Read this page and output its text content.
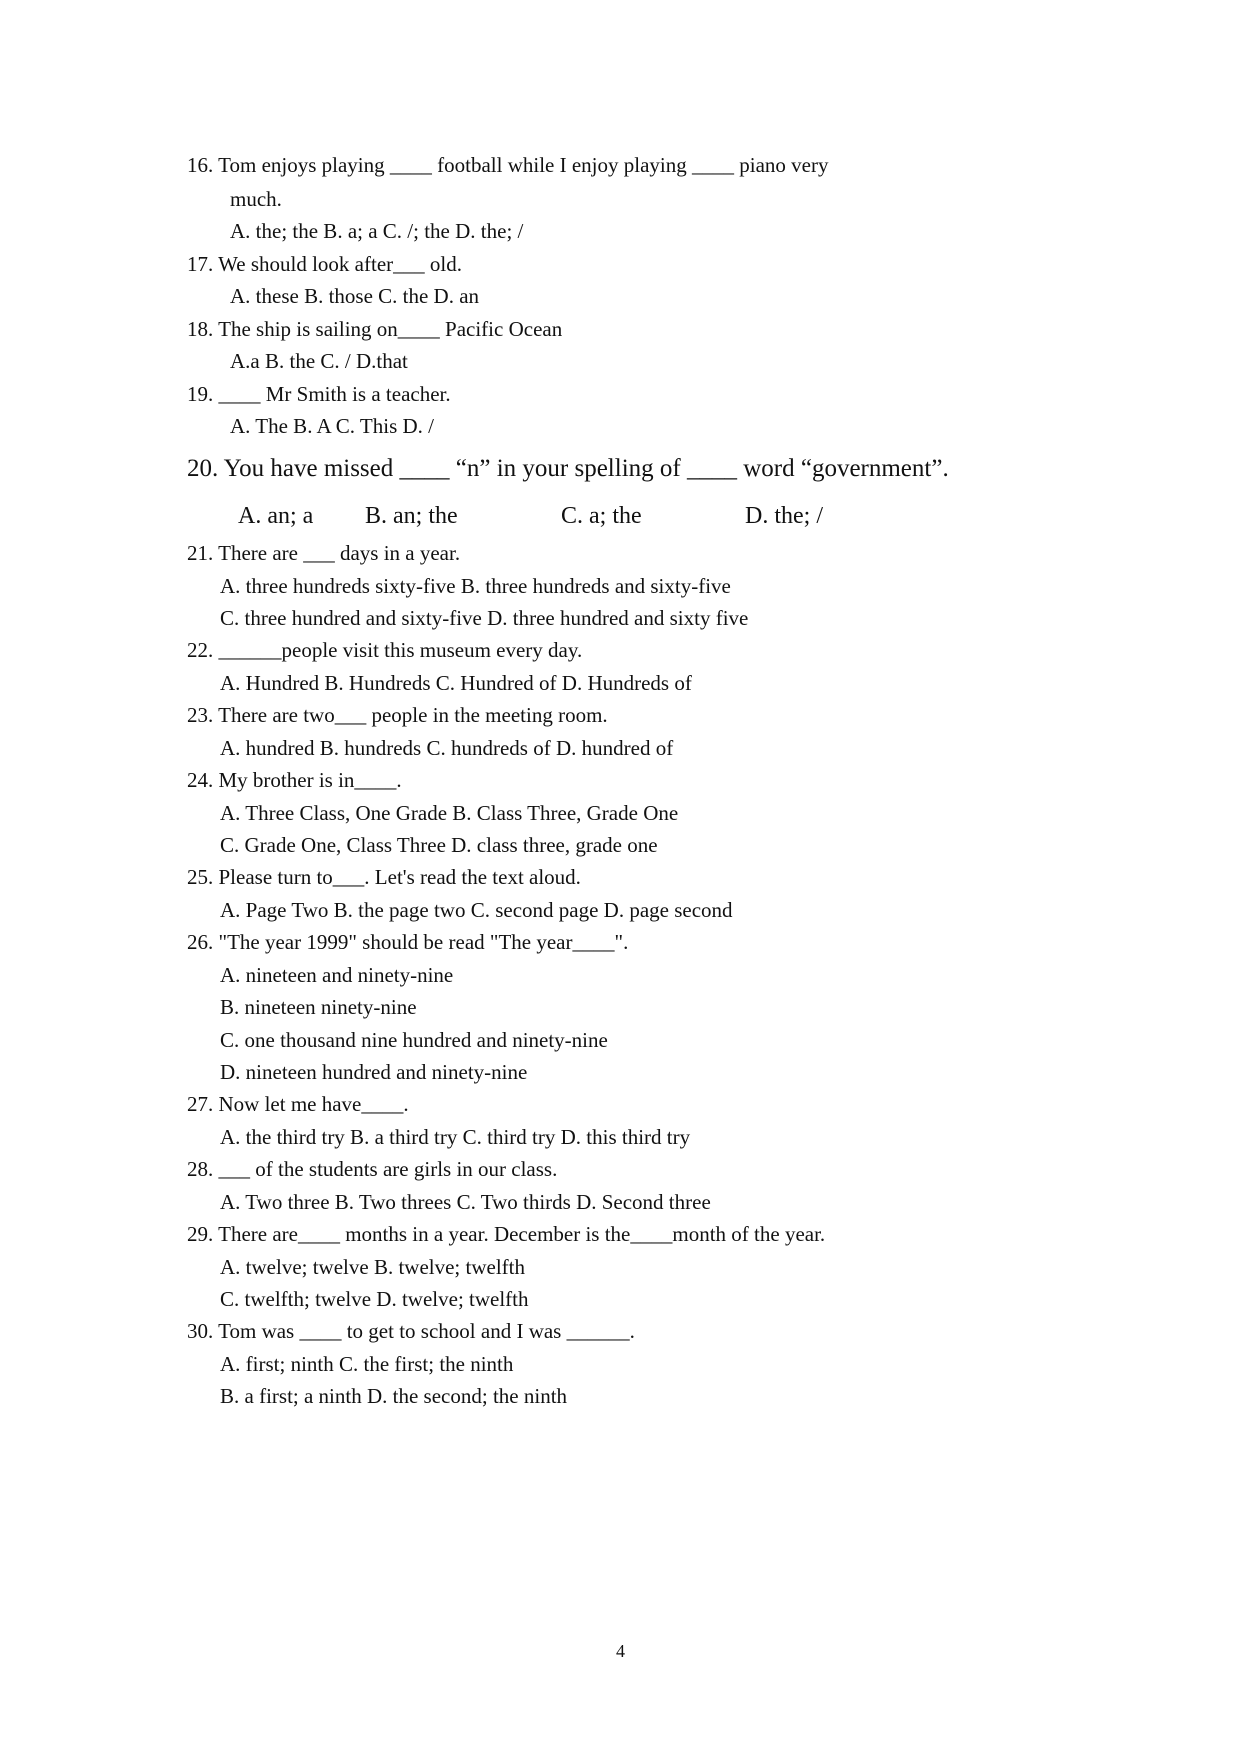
16. Tom enjoys playing ____ football while I enjoy playing ____ piano very
much.
A. the; the B. a; a C. /; the D. the; /
17. We should look after___ old.
A. these B. those C. the D. an
18. The ship is sailing on____ Pacific Ocean
A.a B. the C. / D.that
19. ____ Mr Smith is a teacher.
A. The B. A C. This D. /
20. You have missed ____ “n” in your spelling of ____ word “government”.
A. an; a B. an; the	C. a; the	D. the; /
21. There are ___ days in a year.
A. three hundreds sixty-five B. three hundreds and sixty-five
C. three hundred and sixty-five D. three hundred and sixty five
22. ______people visit this museum every day.
A. Hundred B. Hundreds C. Hundred of D. Hundreds of
23. There are two___ people in the meeting room.
A. hundred B. hundreds C. hundreds of D. hundred of
24. My brother is in____.
A. Three Class, One Grade B. Class Three, Grade One
C. Grade One, Class Three D. class three, grade one
25. Please turn to___. Let's read the text aloud.
A. Page Two B. the page two C. second page D. page second
26. "The year 1999" should be read "The year____".
A. nineteen and ninety-nine
B. nineteen ninety-nine
C. one thousand nine hundred and ninety-nine
D. nineteen hundred and ninety-nine
27. Now let me have____.
A. the third try B. a third try C. third try D. this third try
28. ___ of the students are girls in our class.
A. Two three B. Two threes C. Two thirds D. Second three
29. There are____ months in a year. December is the____month of the year.
A. twelve; twelve B. twelve; twelfth
C. twelfth; twelve D. twelve; twelfth
30. Tom was ____ to get to school and I was ______.
A. first; ninth C. the first; the ninth
B. a first; a ninth D. the second; the ninth
4
